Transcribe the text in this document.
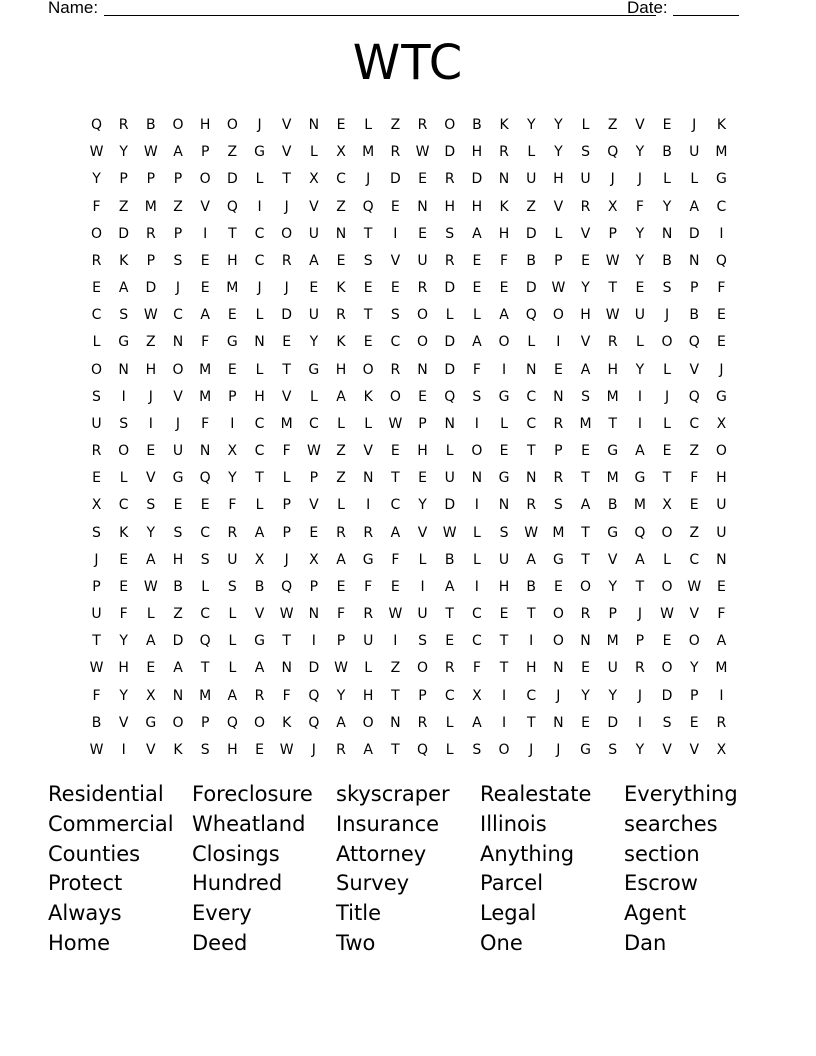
Name:	Date:
WTC
Q	R	B	O	H	O	J	V	N	E	L	Z	R	O	B	K	Y	Y	L	Z	V	E	J	K
W	Y	W	A	P	Z	G	V	L	X	M	R	W	D	H	R	L	Y	S	Q	Y	B	U	M
Y	P	P	P	O	D	L	T	X	C	J	D	E	R	D	N	U	H	U	J	J	L	L	G
F	Z	M	Z	V	Q	I	J	V	Z	Q	E	N	H	H	K	Z	V	R	X	F	Y	A	C
O	D	R	P	I	T	C	O	U	N	T	I	E	S	A	H	D	L	V	P	Y	N	D	I
R	K	P	S	E	H	C	R	A	E	S	V	U	R	E	F	B	P	E	W	Y	B	N	Q
E	A	D	J	E	M	J	J	E	K	E	E	R	D	E	E	D	W	Y	T	E	S	P	F
C	S	W	C	A	E	L	D	U	R	T	S	O	L	L	A	Q	O	H	W	U	J	B	E
L	G	Z	N	F	G	N	E	Y	K	E	C	O	D	A	O	L	I	V	R	L	O	Q	E
O	N	H	O	M	E	L	T	G	H	O	R	N	D	F	I	N	E	A	H	Y	L	V	J
S	I	J	V	M	P	H	V	L	A	K	O	E	Q	S	G	C	N	S	M	I	J	Q	G
U	S	I	J	F	I	C	M	C	L	L	W	P	N	I	L	C	R	M	T	I	L	C	X
R	O	E	U	N	X	C	F	W	Z	V	E	H	L	O	E	T	P	E	G	A	E	Z	O
E	L	V	G	Q	Y	T	L	P	Z	N	T	E	U	N	G	N	R	T	M	G	T	F	H
X	C	S	E	E	F	L	P	V	L	I	C	Y	D	I	N	R	S	A	B	M	X	E	U
S	K	Y	S	C	R	A	P	E	R	R	A	V	W	L	S	W	M	T	G	Q	O	Z	U
J	E	A	H	S	U	X	J	X	A	G	F	L	B	L	U	A	G	T	V	A	L	C	N
P	E	W	B	L	S	B	Q	P	E	F	E	I	A	I	H	B	E	O	Y	T	O	W	E
U	F	L	Z	C	L	V	W	N	F	R	W	U	T	C	E	T	O	R	P	J	W	V	F
T	Y	A	D	Q	L	G	T	I	P	U	I	S	E	C	T	I	O	N	M	P	E	O	A
W	H	E	A	T	L	A	N	D	W	L	Z	O	R	F	T	H	N	E	U	R	O	Y	M
F	Y	X	N	M	A	R	F	Q	Y	H	T	P	C	X	I	C	J	Y	Y	J	D	P	I
B	V	G	O	P	Q	O	K	Q	A	O	N	R	L	A	I	T	N	E	D	I	S	E	R
W	I	V	K	S	H	E	W	J	R	A	T	Q	L	S	O	J	J	G	S	Y	V	V	X
Residential Foreclosure skyscraper Realestate Everything
Commercial Wheatland Insurance Illinois	searches
Counties Closings	Attorney	Anything section
Protect	Hundred	Survey	Parcel	Escrow
Always	Every	Title	Legal	Agent
Home	Deed	Two	One	Dan
